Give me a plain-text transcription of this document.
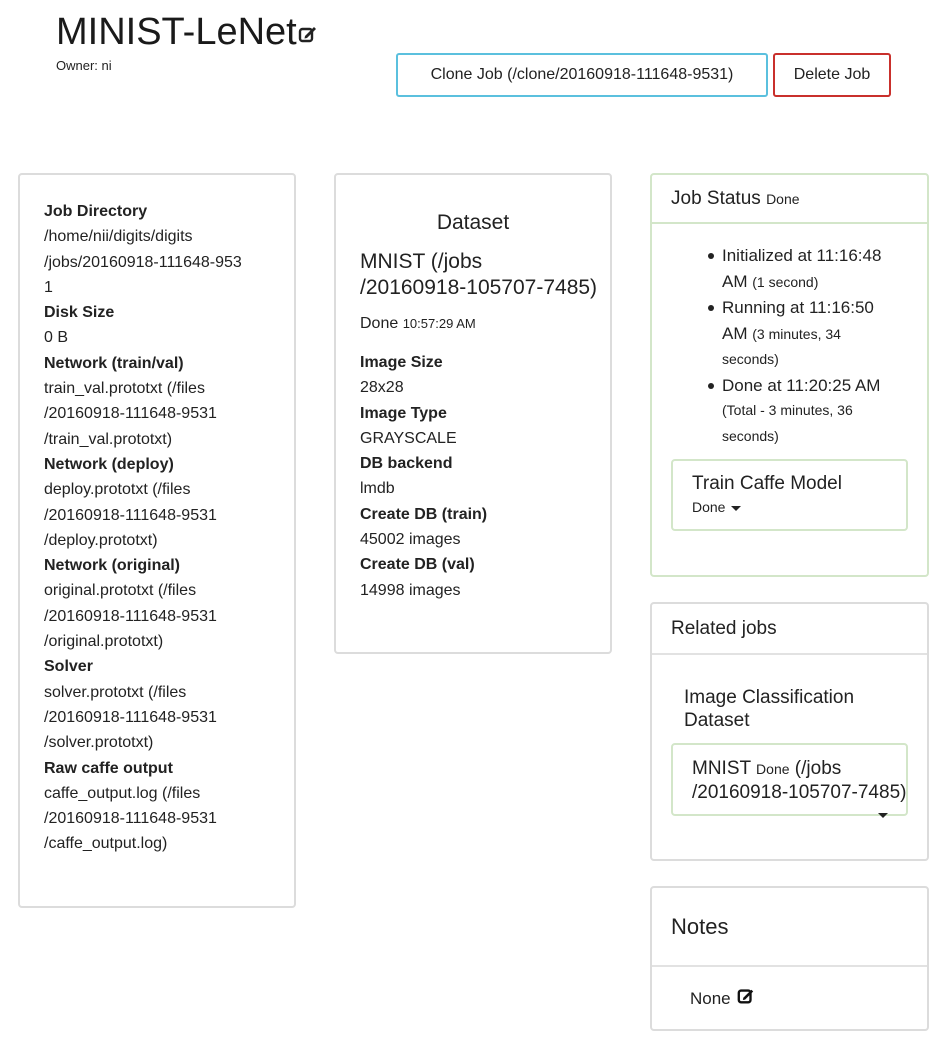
MINIST-LeNet
Owner: ni
Clone Job (/clone/20160918-111648-9531)	Delete Job
Job Directory
/home/nii/digits/digits
/jobs/20160918-111648-953
1
Disk Size
0 B
Network (train/val)
train_val.prototxt (/files
/20160918-111648-9531
/train_val.prototxt)
Network (deploy)
deploy.prototxt (/files
/20160918-111648-9531
/deploy.prototxt)
Network (original)
original.prototxt (/files
/20160918-111648-9531
/original.prototxt)
Solver
solver.prototxt (/files
/20160918-111648-9531
/solver.prototxt)
Raw caffe output
caffe_output.log (/files
/20160918-111648-9531
/caffe_output.log)
Dataset
MNIST (/jobs
/20160918-105707-7485)
Done 10:57:29 AM
Image Size
28x28
Image Type
GRAYSCALE
DB backend
lmdb
Create DB (train)
45002 images
Create DB (val)
14998 images
Job Status Done
Initialized at 11:16:48
AM (1 second)
Running at 11:16:50
AM (3 minutes, 34
seconds)
Done at 11:20:25 AM
(Total - 3 minutes, 36
seconds)
Train Caffe Model
Done
Related jobs
Image Classification
Dataset
MNIST Done (/jobs
/20160918-105707-7485)
Notes
None
